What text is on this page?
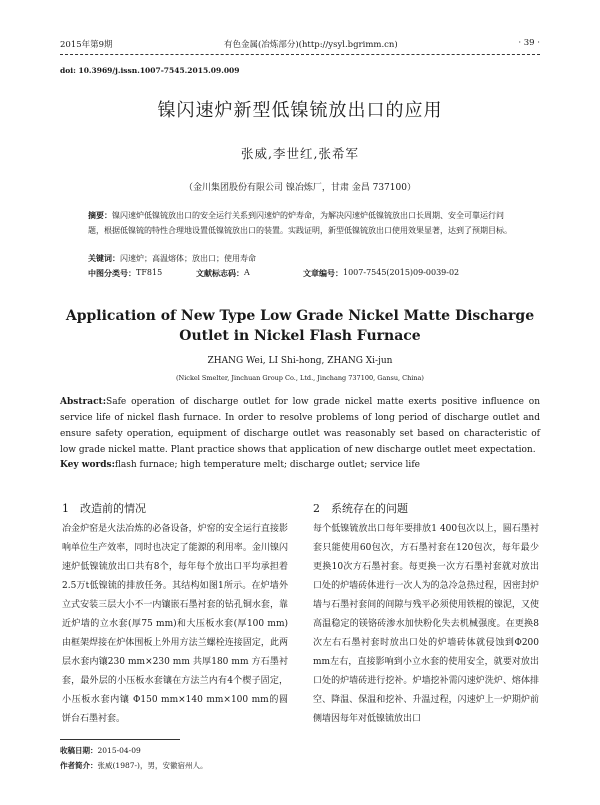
2015年第9期	有色金属(冶炼部分)(http://ysyl.bgrimm.cn)	· 39 ·
doi: 10.3969/j.issn.1007-7545.2015.09.009
镍闪速炉新型低镍锍放出口的应用
张威,李世红,张希军
（金川集团股份有限公司 镍冶炼厂，甘肃 金昌 737100）
摘要：镍闪速炉低镍锍放出口的安全运行关系到闪速炉的炉寿命，为解决闪速炉低镍锍放出口长周期、安全可靠运行问题，根据低镍锍的特性合理地设置低镍锍放出口的装置。实践证明，新型低镍锍放出口使用效果显著，达到了预期目标。
关键词：闪速炉；高温熔体；放出口；使用寿命
中图分类号： TF815	文献标志码： A	文章编号： 1007-7545(2015)09-0039-02
Application of New Type Low Grade Nickel Matte Discharge
Outlet in Nickel Flash Furnace
ZHANG Wei, LI Shi-hong, ZHANG Xi-jun
(Nickel Smelter, Jinchuan Group Co., Ltd., Jinchang 737100, Gansu, China)
Abstract:Safe operation of discharge outlet for low grade nickel matte exerts positive influence on service life of nickel flash furnace. In order to resolve problems of long period of discharge outlet and ensure safety operation, equipment of discharge outlet was reasonably set based on characteristic of low grade nickel matte. Plant practice shows that application of new discharge outlet meet expectation.
Key words:flash furnace; high temperature melt; discharge outlet; service life
1　改造前的情况
冶金炉窑是火法冶炼的必备设备，炉窑的安全运行直接影响单位生产效率，同时也决定了能源的利用率。金川镍闪速炉低镍锍放出口共有8个，每年每个放出口平均承担着2.5万t低镍锍的排放任务。其结构如图1所示。在炉墙外立式安装三层大小不一内镶嵌石墨衬套的钻孔铜水套，靠近炉墙的立水套(厚75 mm)和大压板水套(厚100 mm)由框架焊接在炉体围板上外用方法兰螺栓连接固定，此两层水套内镶230 mm×230 mm 共厚180 mm 方石墨衬套，最外层的小压板水套镶在方法兰内有4个楔子固定，小压板水套内镶 Φ150 mm×140 mm×100 mm的圆饼台石墨衬套。
2　系统存在的问题
每个低镍锍放出口每年要排放1 400包次以上，圆石墨衬套只能使用60包次，方石墨衬套在120包次，每年最少更换10次方石墨衬套。每更换一次方石墨衬套就对放出口处的炉墙砖体进行一次人为的急冷急热过程，因密封炉墙与石墨衬套间的间隙与残平必须使用铁棍的镍泥，又使高温稳定的镁铬砖渗水加快粉化失去机械强度。在更换8次左右石墨衬套时放出口处的炉墙砖体就侵蚀到Φ200 mm左右，直接影响到小立水套的使用安全，就要对放出口处的炉墙砖进行挖补。炉墙挖补需闪速炉洗炉、熔体排空、降温、保温和挖补、升温过程，闪速炉上一炉期炉前侧墙因每年对低镍锍放出口
收稿日期：2015-04-09
作者简介：张威(1987-)，男，安徽宿州人。
